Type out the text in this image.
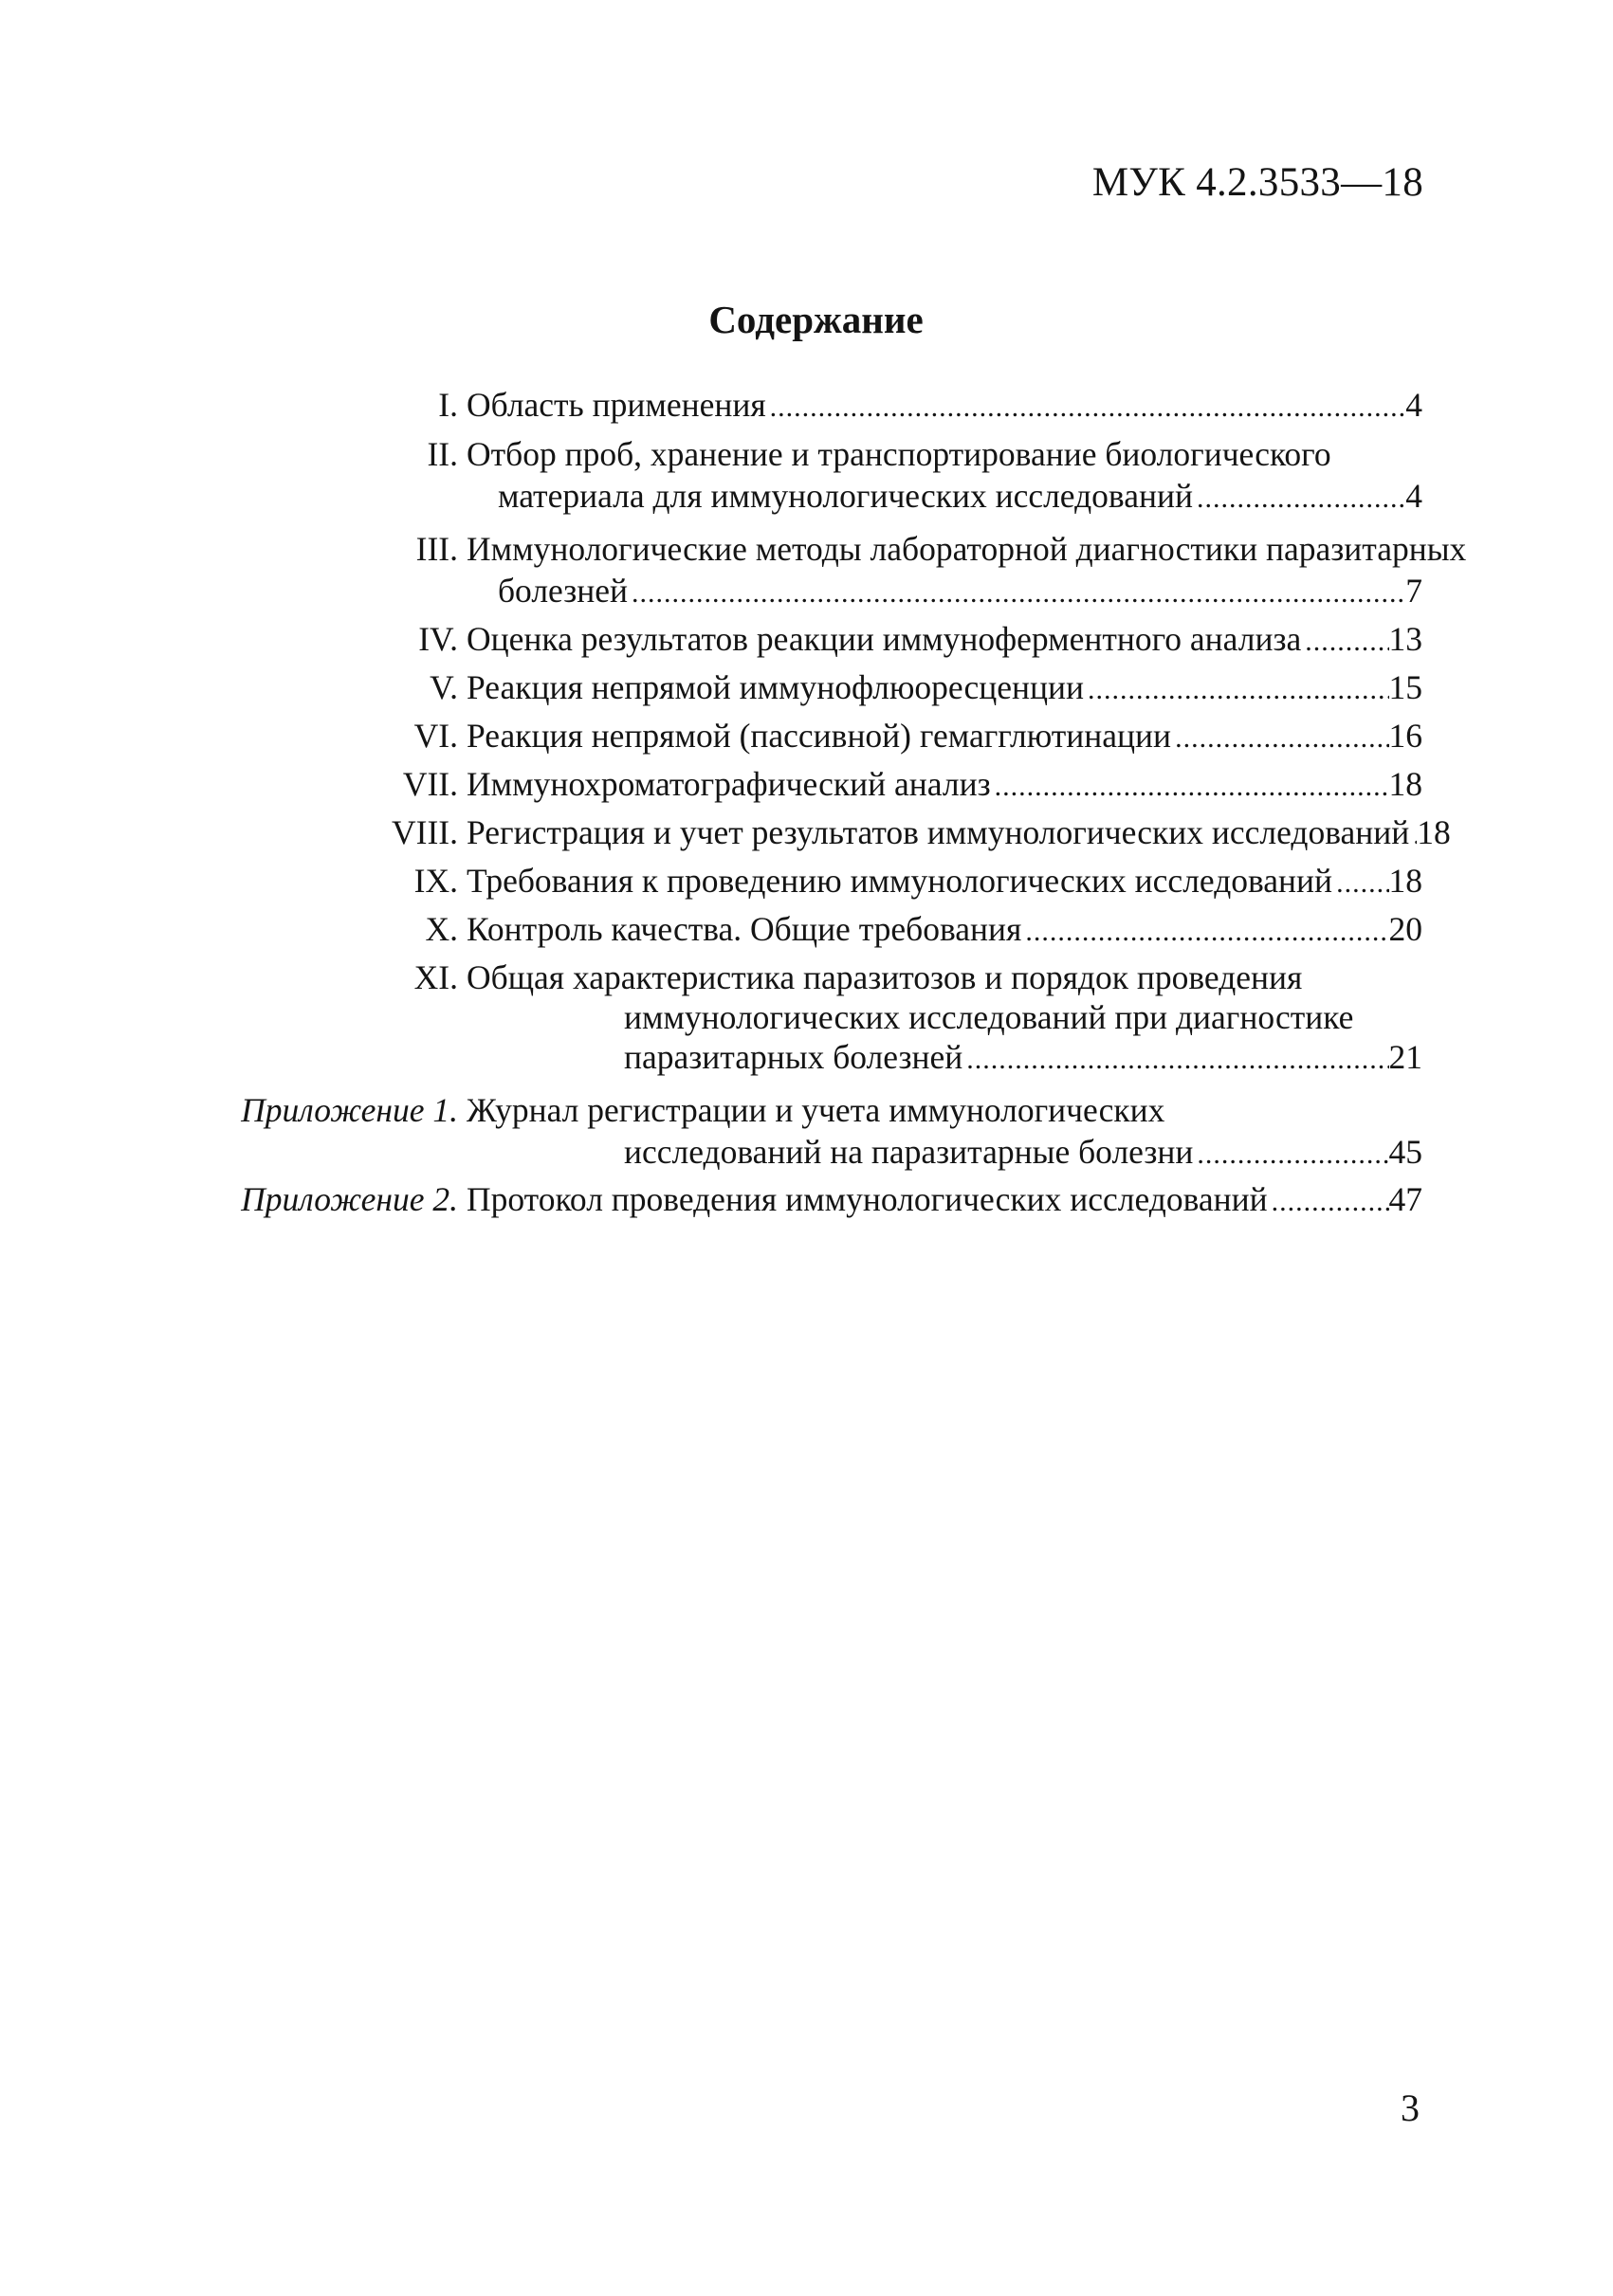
МУК 4.2.3533—18
Содержание
I. Область применения .....	4
II. Отбор проб, хранение и транспортирование биологического
материала для иммунологических исследований .....	4
III. Иммунологические методы лабораторной диагностики паразитарных
болезней .....	7
IV. Оценка результатов реакции иммуноферментного анализа .....	13
V. Реакция непрямой иммунофлюоресценции .....	15
VI. Реакция непрямой (пассивной) гемагглютинации .....	16
VII. Иммунохроматографический анализ .....	18
VIII. Регистрация и учет результатов иммунологических исследований ..... 18
IX. Требования к проведению иммунологических исследований ..... 18
X. Контроль качества. Общие требования .....	20
XI. Общая характеристика паразитозов и порядок проведения
иммунологических исследований при диагностике
паразитарных болезней .....	21
Приложение 1. Журнал регистрации и учета иммунологических
исследований на паразитарные болезни .....	45
Приложение 2. Протокол проведения иммунологических исследований .....	47
3
